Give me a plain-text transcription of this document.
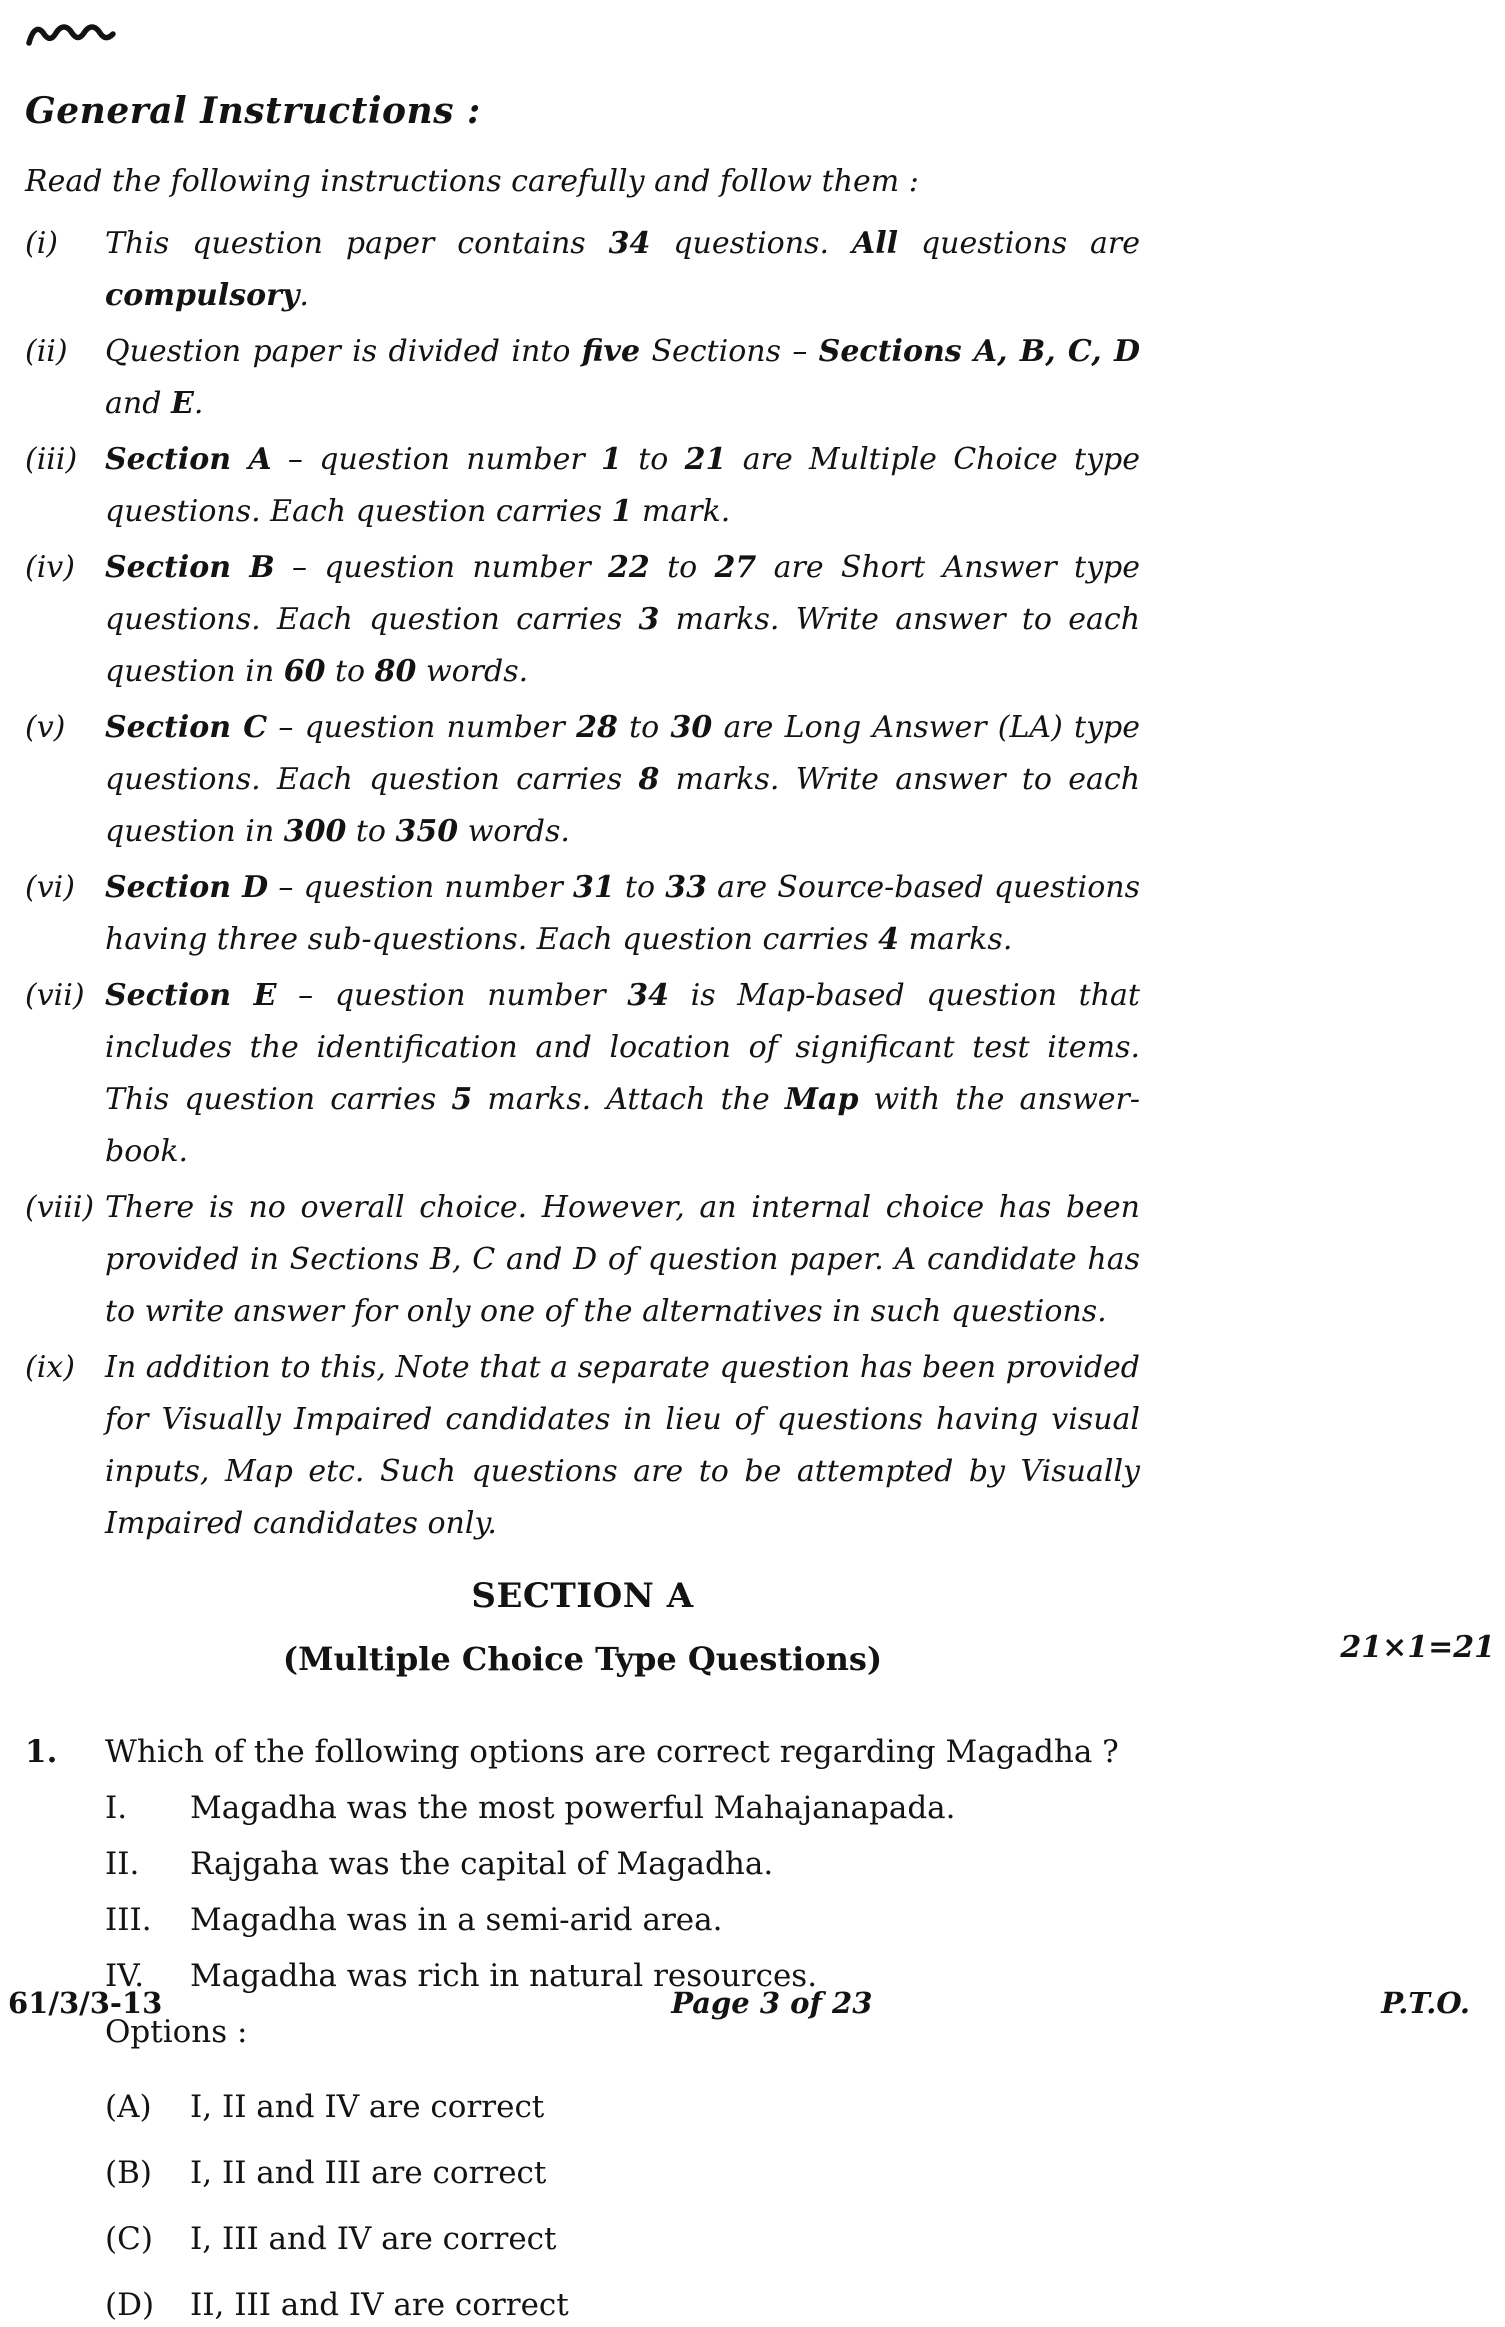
General Instructions :

Read the following instructions carefully and follow them :

(i)	This question paper contains 34 questions. All questions are compulsory.
(ii)	Question paper is divided into five Sections – Sections A, B, C, D and E.
(iii) Section A – question number 1 to 21 are Multiple Choice type questions. Each question carries 1 mark.
(iv)	Section B – question number 22 to 27 are Short Answer type questions. Each question carries 3 marks. Write answer to each question in 60 to 80 words.
(v)	Section C – question number 28 to 30 are Long Answer (LA) type questions. Each question carries 8 marks. Write answer to each question in 300 to 350 words.
(vi)	Section D – question number 31 to 33 are Source-based questions having three sub-questions. Each question carries 4 marks.
(vii) Section E – question number 34 is Map-based question that includes the identification and location of significant test items. This question carries 5 marks. Attach the Map with the answer-book.
(viii) There is no overall choice. However, an internal choice has been provided in Sections B, C and D of question paper. A candidate has to write answer for only one of the alternatives in such questions.
(ix)	In addition to this, Note that a separate question has been provided for Visually Impaired candidates in lieu of questions having visual inputs, Map etc. Such questions are to be attempted by Visually Impaired candidates only.

SECTION A

(Multiple Choice Type Questions)	21×1=21
1.	Which of the following options are correct regarding Magadha ?
I.	Magadha was the most powerful Mahajanapada.
II.	Rajgaha was the capital of Magadha.
III.	Magadha was in a semi-arid area.
IV.	Magadha was rich in natural resources.

Options :

(A)	I, II and IV are correct
(B)	I, II and III are correct
(C)	I, III and IV are correct
(D)	II, III and IV are correct
61/3/3-13	Page 3 of 23	P.T.O.
